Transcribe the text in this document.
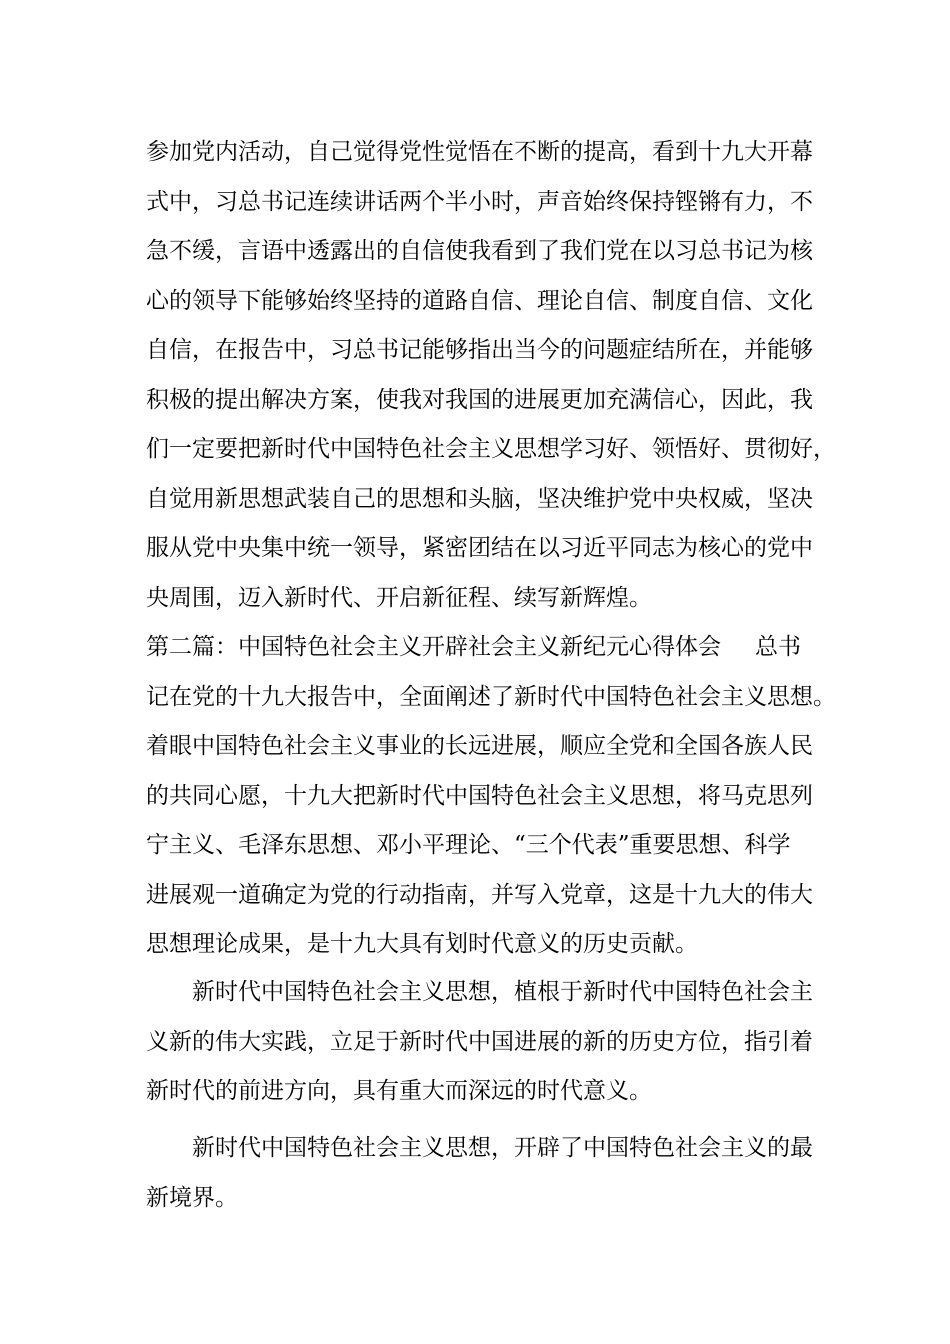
参加党内活动，自己觉得党性觉悟在不断的提高，看到十九大开幕
式中，习总书记连续讲话两个半小时，声音始终保持铿锵有力，不
急不缓，言语中透露出的自信使我看到了我们党在以习总书记为核
心的领导下能够始终坚持的道路自信、理论自信、制度自信、文化
自信，在报告中，习总书记能够指出当今的问题症结所在，并能够
积极的提出解决方案，使我对我国的进展更加充满信心，因此，我
们一定要把新时代中国特色社会主义思想学习好、领悟好、贯彻好，
自觉用新思想武装自己的思想和头脑，坚决维护党中央权威，坚决
服从党中央集中统一领导，紧密团结在以习近平同志为核心的党中
央周围，迈入新时代、开启新征程、续写新辉煌。
第二篇：中国特色社会主义开辟社会主义新纪元心得体会 总书
记在党的十九大报告中，全面阐述了新时代中国特色社会主义思想。
着眼中国特色社会主义事业的长远进展，顺应全党和全国各族人民
的共同心愿，十九大把新时代中国特色社会主义思想，将马克思列
宁主义、毛泽东思想、邓小平理论、“三个代表”重要思想、科学
进展观一道确定为党的行动指南，并写入党章，这是十九大的伟大
思想理论成果，是十九大具有划时代意义的历史贡献。
新时代中国特色社会主义思想，植根于新时代中国特色社会主
义新的伟大实践，立足于新时代中国进展的新的历史方位，指引着
新时代的前进方向，具有重大而深远的时代意义。
新时代中国特色社会主义思想，开辟了中国特色社会主义的最
新境界。
